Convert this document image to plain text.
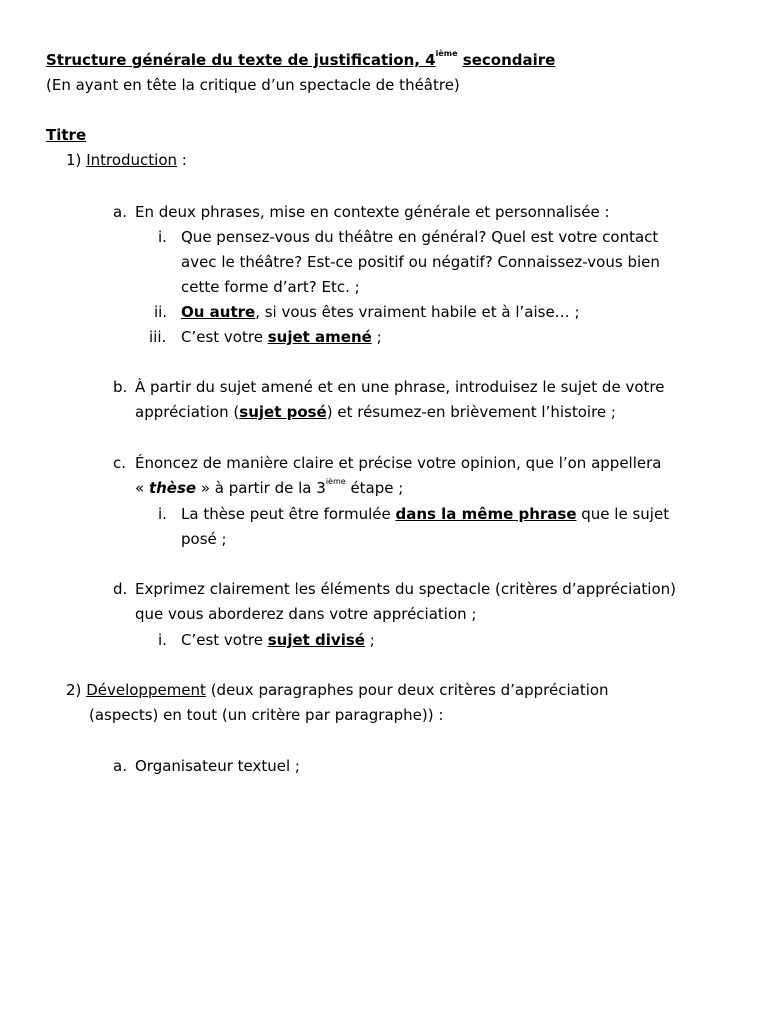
Structure générale du texte de justification, 4ième secondaire
(En ayant en tête la critique d’un spectacle de théâtre)
Titre
1) Introduction :
a. En deux phrases, mise en contexte générale et personnalisée :
i. Que pensez-vous du théâtre en général? Quel est votre contact
avec le théâtre? Est-ce positif ou négatif? Connaissez-vous bien
cette forme d’art? Etc. ;
ii. Ou autre, si vous êtes vraiment habile et à l’aise… ;
iii. C’est votre sujet amené ;
b. À partir du sujet amené et en une phrase, introduisez le sujet de votre
appréciation (sujet posé) et résumez-en brièvement l’histoire ;
c. Énoncez de manière claire et précise votre opinion, que l’on appellera
« thèse » à partir de la 3ième étape ;
i. La thèse peut être formulée dans la même phrase que le sujet
posé ;
d. Exprimez clairement les éléments du spectacle (critères d’appréciation)
que vous aborderez dans votre appréciation ;
i. C’est votre sujet divisé ;
2) Développement (deux paragraphes pour deux critères d’appréciation
(aspects) en tout (un critère par paragraphe)) :
a. Organisateur textuel ;
